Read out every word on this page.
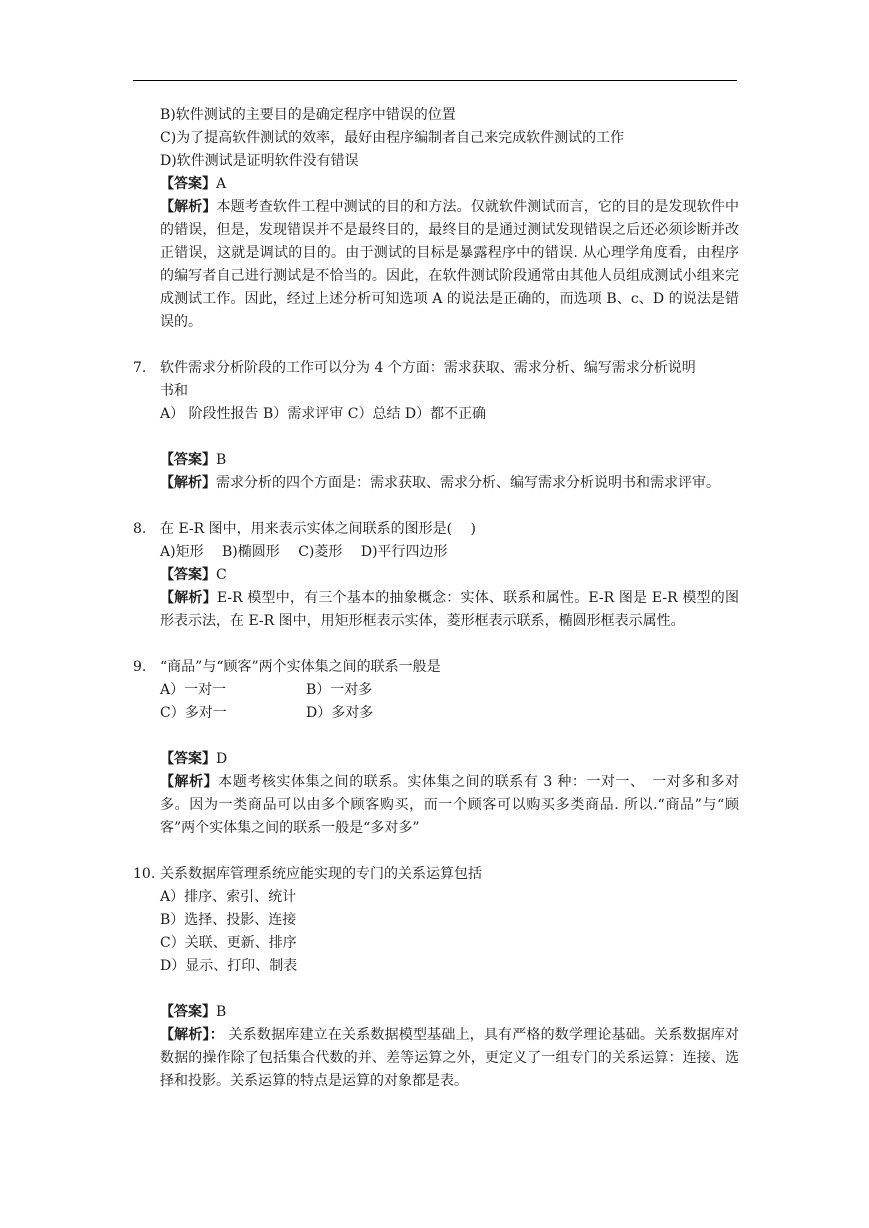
B)软件测试的主要目的是确定程序中错误的位置
C)为了提高软件测试的效率，最好由程序编制者自己来完成软件测试的工作
D)软件测试是证明软件没有错误
【答案】A
【解析】本题考查软件工程中测试的目的和方法。仅就软件测试而言，它的目的是发现软件中的错误，但是，发现错误并不是最终目的，最终目的是通过测试发现错误之后还必须诊断并改正错误，这就是调试的目的。由于测试的目标是暴露程序中的错误. 从心理学角度看，由程序的编写者自己进行测试是不恰当的。因此，在软件测试阶段通常由其他人员组成测试小组来完成测试工作。因此，经过上述分析可知选项 A 的说法是正确的，而选项 B、c、D 的说法是错误的。
7. 软件需求分析阶段的工作可以分为 4 个方面：需求获取、需求分析、编写需求分析说明
书和
A） 阶段性报告 B）需求评审 C）总结 D）都不正确
【答案】B
【解析】需求分析的四个方面是：需求获取、需求分析、编写需求分析说明书和需求评审。
8. 在 E-R 图中，用来表示实体之间联系的图形是(　 )
A)矩形　 B)椭圆形　 C)菱形　 D)平行四边形
【答案】C
【解析】E-R 模型中，有三个基本的抽象概念：实体、联系和属性。E-R 图是 E-R 模型的图形表示法，在 E-R 图中，用矩形框表示实体，菱形框表示联系，椭圆形框表示属性。
9. “商品”与“顾客”两个实体集之间的联系一般是
A）一对一	B）一对多
C）多对一	D）多对多
【答案】D
【解析】本题考核实体集之间的联系。实体集之间的联系有 3 种：一对一、　一对多和多对多。因为一类商品可以由多个顾客购买，而一个顾客可以购买多类商品. 所以.“商品”与“顾客”两个实体集之间的联系一般是“多对多”
10. 关系数据库管理系统应能实现的专门的关系运算包括
A）排序、索引、统计
B）选择、投影、连接
C）关联、更新、排序
D）显示、打印、制表
【答案】B
【解析】： 关系数据库建立在关系数据模型基础上，具有严格的数学理论基础。关系数据库对数据的操作除了包括集合代数的并、差等运算之外，更定义了一组专门的关系运算：连接、选择和投影。关系运算的特点是运算的对象都是表。
